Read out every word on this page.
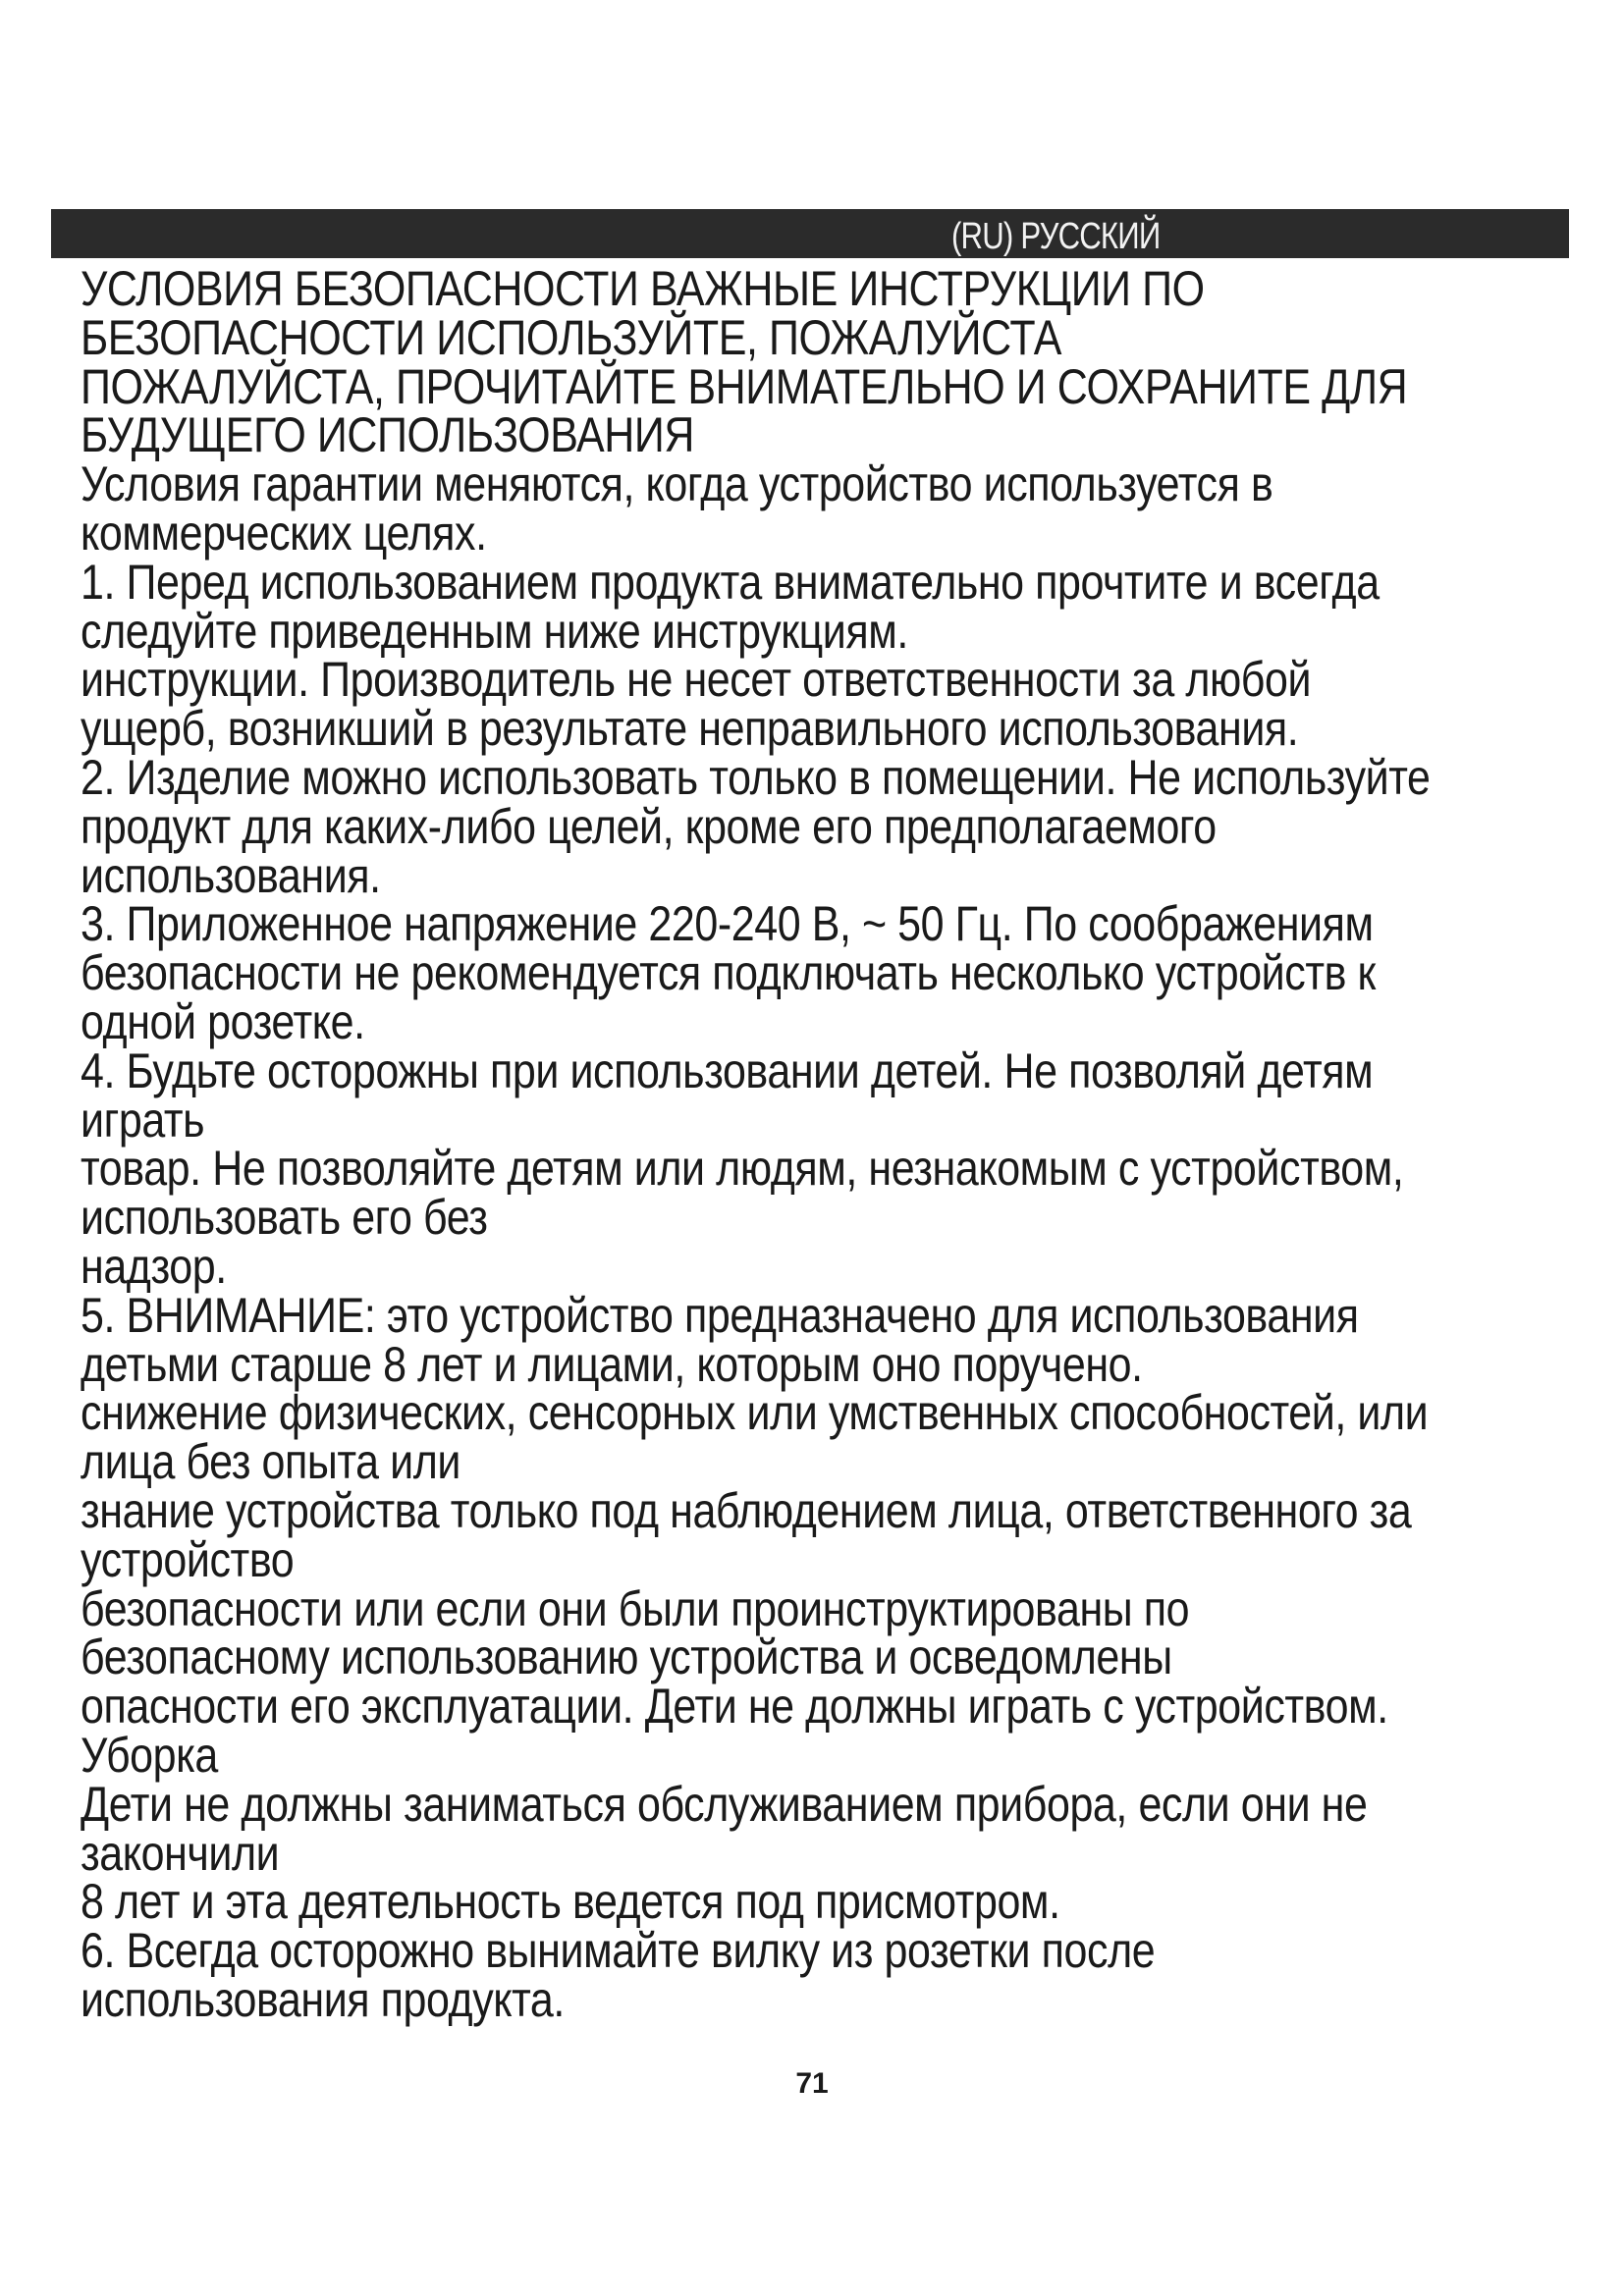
(RU) РУССКИЙ
УСЛОВИЯ БЕЗОПАСНОСТИ ВАЖНЫЕ ИНСТРУКЦИИ ПО
БЕЗОПАСНОСТИ ИСПОЛЬЗУЙТЕ, ПОЖАЛУЙСТА
ПОЖАЛУЙСТА, ПРОЧИТАЙТЕ ВНИМАТЕЛЬНО И СОХРАНИТЕ ДЛЯ
БУДУЩЕГО ИСПОЛЬЗОВАНИЯ
Условия гарантии меняются, когда устройство используется в
коммерческих целях.
1. Перед использованием продукта внимательно прочтите и всегда
следуйте приведенным ниже инструкциям.
инструкции. Производитель не несет ответственности за любой
ущерб, возникший в результате неправильного использования.
2. Изделие можно использовать только в помещении. Не используйте
продукт для каких-либо целей, кроме его предполагаемого
использования.
3. Приложенное напряжение 220-240 В, ~ 50 Гц. По соображениям
безопасности не рекомендуется подключать несколько устройств к
одной розетке.
4. Будьте осторожны при использовании детей. Не позволяй детям
играть
товар. Не позволяйте детям или людям, незнакомым с устройством,
использовать его без
надзор.
5. ВНИМАНИЕ: это устройство предназначено для использования
детьми старше 8 лет и лицами, которым оно поручено.
снижение физических, сенсорных или умственных способностей, или
лица без опыта или
знание устройства только под наблюдением лица, ответственного за
устройство
безопасности или если они были проинструктированы по
безопасному использованию устройства и осведомлены
опасности его эксплуатации. Дети не должны играть с устройством.
Уборка
Дети не должны заниматься обслуживанием прибора, если они не
закончили
8 лет и эта деятельность ведется под присмотром.
6. Всегда осторожно вынимайте вилку из розетки после
использования продукта.
71
